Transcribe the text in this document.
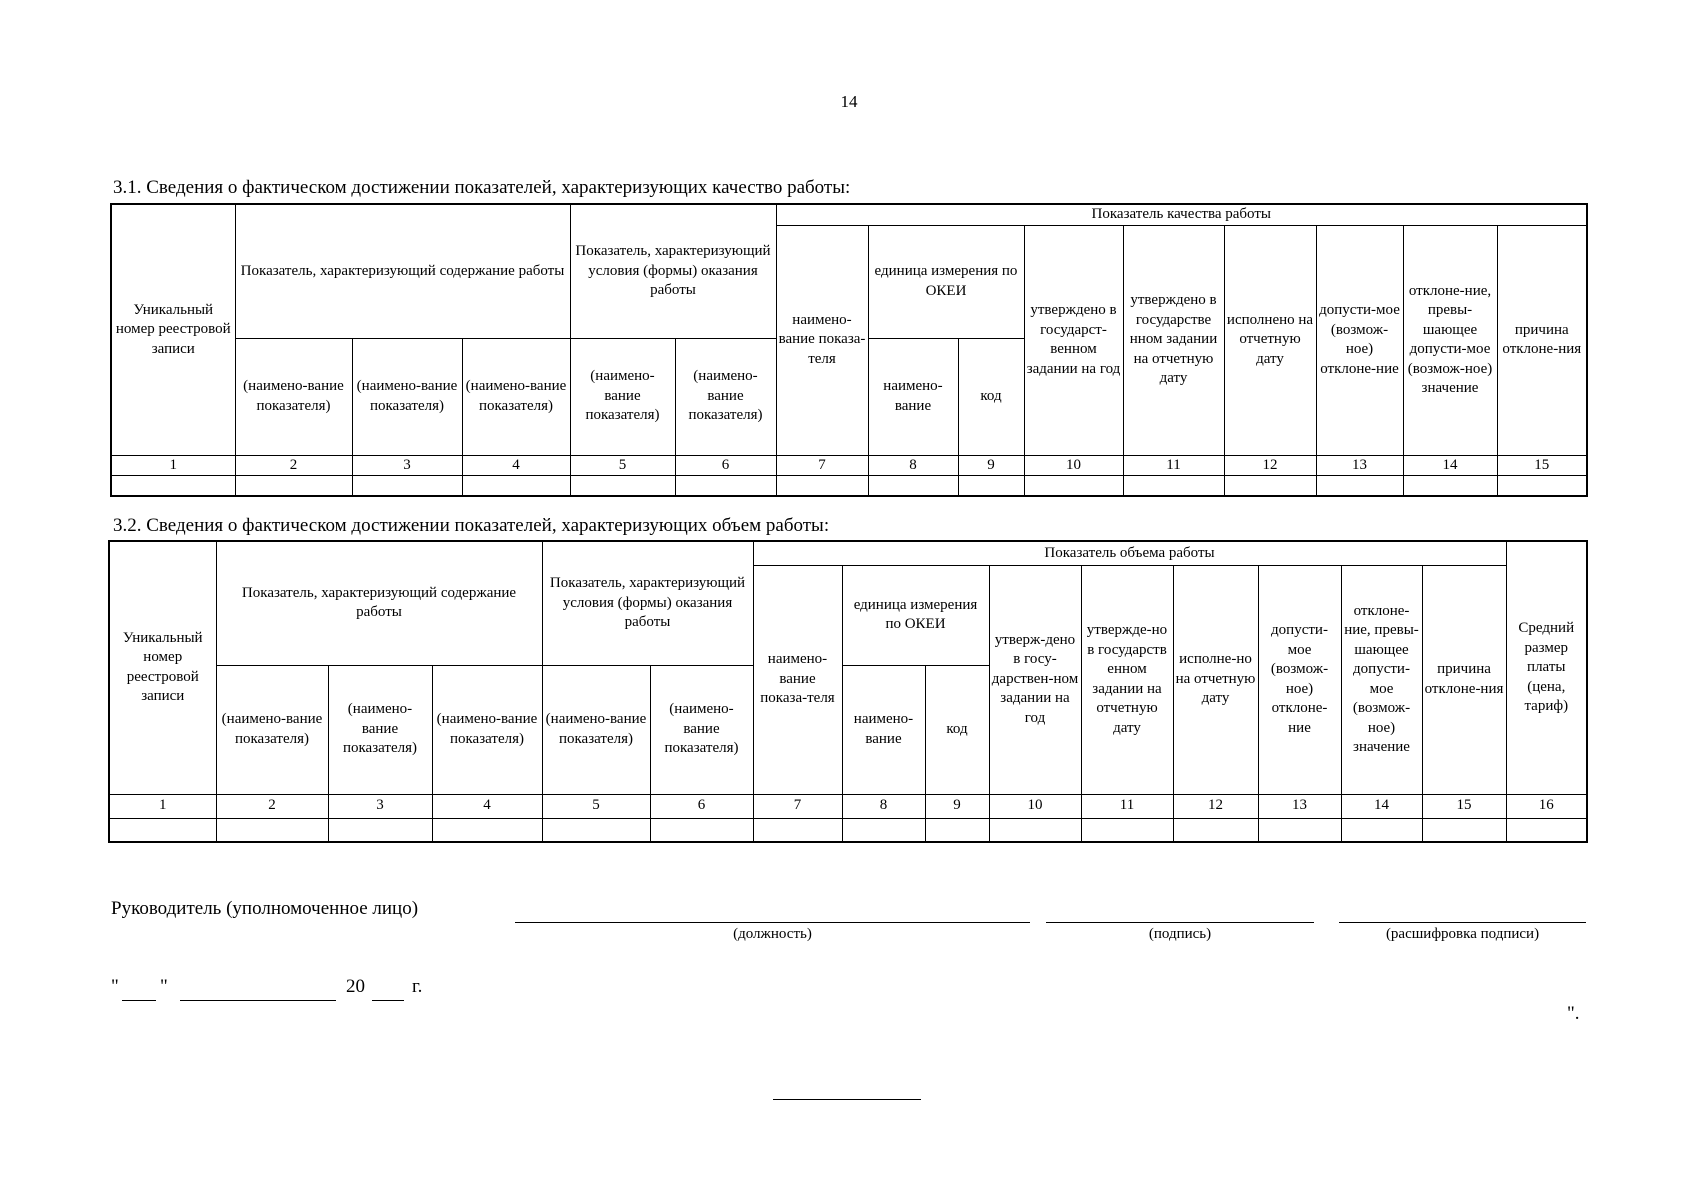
14
3.1. Сведения о фактическом достижении показателей, характеризующих качество работы:
Уникальный номер реестровой записи	Показатель, характеризующий содержание работы			Показатель, характеризующий условия (формы) оказания работы		Показатель качества работы								
						наимено-вание показа-теля	единица измерения по ОКЕИ		утверждено в государст-венном задании на год	утверждено в государстве нном задании на отчетную дату	исполнено на отчетную дату	допусти-мое (возмож-ное) отклоне-ние	отклоне-ние, превы-шающее допусти-мое (возмож-ное) значение	причина отклоне-ния
	(наимено-вание показателя)	(наимено-вание показателя)	(наимено-вание показателя)	(наимено-вание показателя)	(наимено-вание показателя)		наимено-вание	код						
1	2	3	4	5	6	7	8	9	10	11	12	13	14	15

3.2. Сведения о фактическом достижении показателей, характеризующих объем работы:
Уникальный номер реестровой записи	Показатель, характеризующий содержание работы			Показатель, характеризующий условия (формы) оказания работы		Показатель объема работы									Средний размер платы (цена, тариф)
						наимено-вание показа-теля	единица измерения по ОКЕИ		утверж-дено в госу-дарствен-ном задании на год	утвержде-но в государств енном задании на отчетную дату	исполне-но на отчетную дату	допусти-мое (возмож-ное) отклоне-ние	отклоне-ние, превы-шающее допусти-мое (возмож-ное) значение	причина отклоне-ния	
	(наимено-вание показателя)	(наимено-вание показателя)	(наимено-вание показателя)	(наимено-вание показателя)	(наимено-вание показателя)		наимено-вание	код							
1	2	3	4	5	6	7	8	9	10	11	12	13	14	15	16

Руководитель (уполномоченное лицо)
(должность)	(подпись)	(расшифровка подписи)
" "	20 г.
".
